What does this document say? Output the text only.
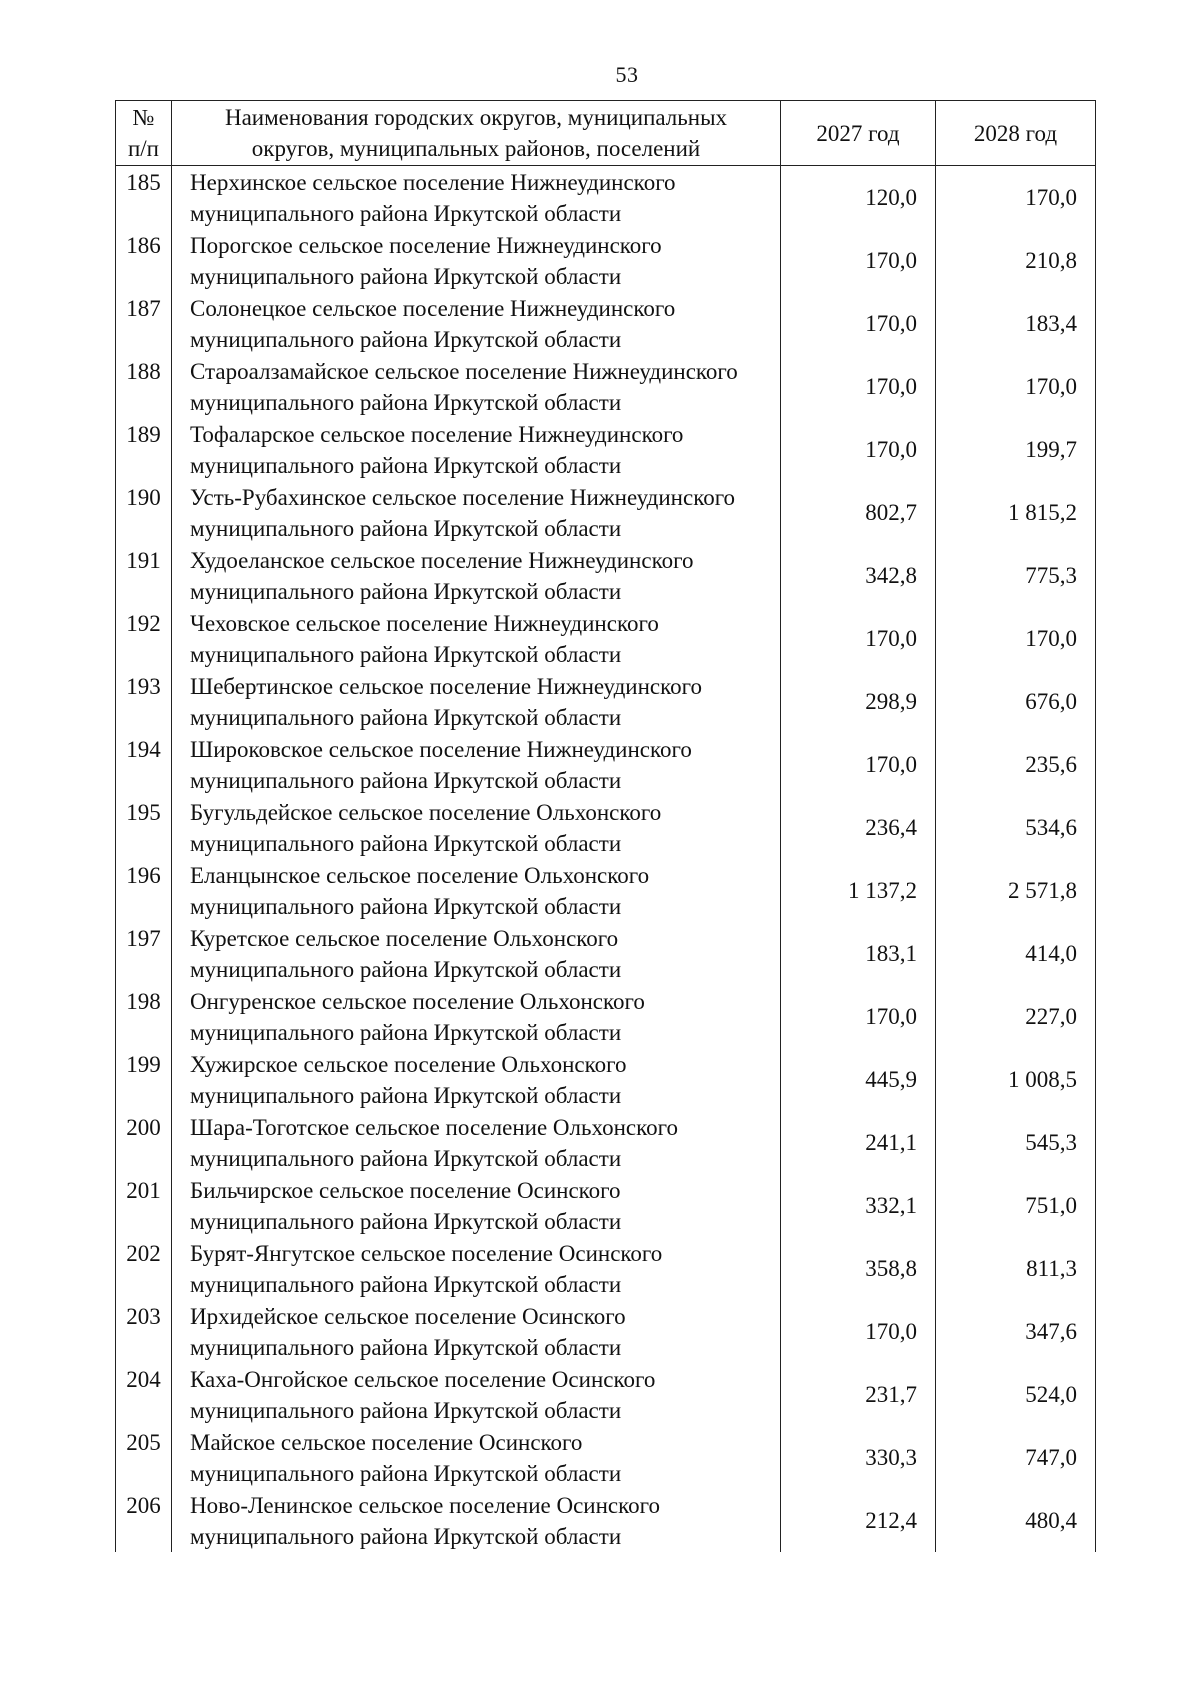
53
№
п/п	Наименования городских округов, муниципальных
округов, муниципальных районов, поселений	2027 год	2028 год
185	Нерхинское сельское поселение Нижнеудинского
муниципального района Иркутской области	120,0	170,0
186	Порогское сельское поселение Нижнеудинского
муниципального района Иркутской области	170,0	210,8
187	Солонецкое сельское поселение Нижнеудинского
муниципального района Иркутской области	170,0	183,4
188	Староалзамайское сельское поселение Нижнеудинского
муниципального района Иркутской области	170,0	170,0
189	Тофаларское сельское поселение Нижнеудинского
муниципального района Иркутской области	170,0	199,7
190	Усть-Рубахинское сельское поселение Нижнеудинского
муниципального района Иркутской области	802,7	1 815,2
191	Худоеланское сельское поселение Нижнеудинского
муниципального района Иркутской области	342,8	775,3
192	Чеховское сельское поселение Нижнеудинского
муниципального района Иркутской области	170,0	170,0
193	Шебертинское сельское поселение Нижнеудинского
муниципального района Иркутской области	298,9	676,0
194	Широковское сельское поселение Нижнеудинского
муниципального района Иркутской области	170,0	235,6
195	Бугульдейское сельское поселение Ольхонского
муниципального района Иркутской области	236,4	534,6
196	Еланцынское сельское поселение Ольхонского
муниципального района Иркутской области	1 137,2	2 571,8
197	Куретское сельское поселение Ольхонского
муниципального района Иркутской области	183,1	414,0
198	Онгуренское сельское поселение Ольхонского
муниципального района Иркутской области	170,0	227,0
199	Хужирское сельское поселение Ольхонского
муниципального района Иркутской области	445,9	1 008,5
200	Шара-Тоготское сельское поселение Ольхонского
муниципального района Иркутской области	241,1	545,3
201	Бильчирское сельское поселение Осинского
муниципального района Иркутской области	332,1	751,0
202	Бурят-Янгутское сельское поселение Осинского
муниципального района Иркутской области	358,8	811,3
203	Ирхидейское сельское поселение Осинского
муниципального района Иркутской области	170,0	347,6
204	Каха-Онгойское сельское поселение Осинского
муниципального района Иркутской области	231,7	524,0
205	Майское сельское поселение Осинского
муниципального района Иркутской области	330,3	747,0
206	Ново-Ленинское сельское поселение Осинского
муниципального района Иркутской области	212,4	480,4
